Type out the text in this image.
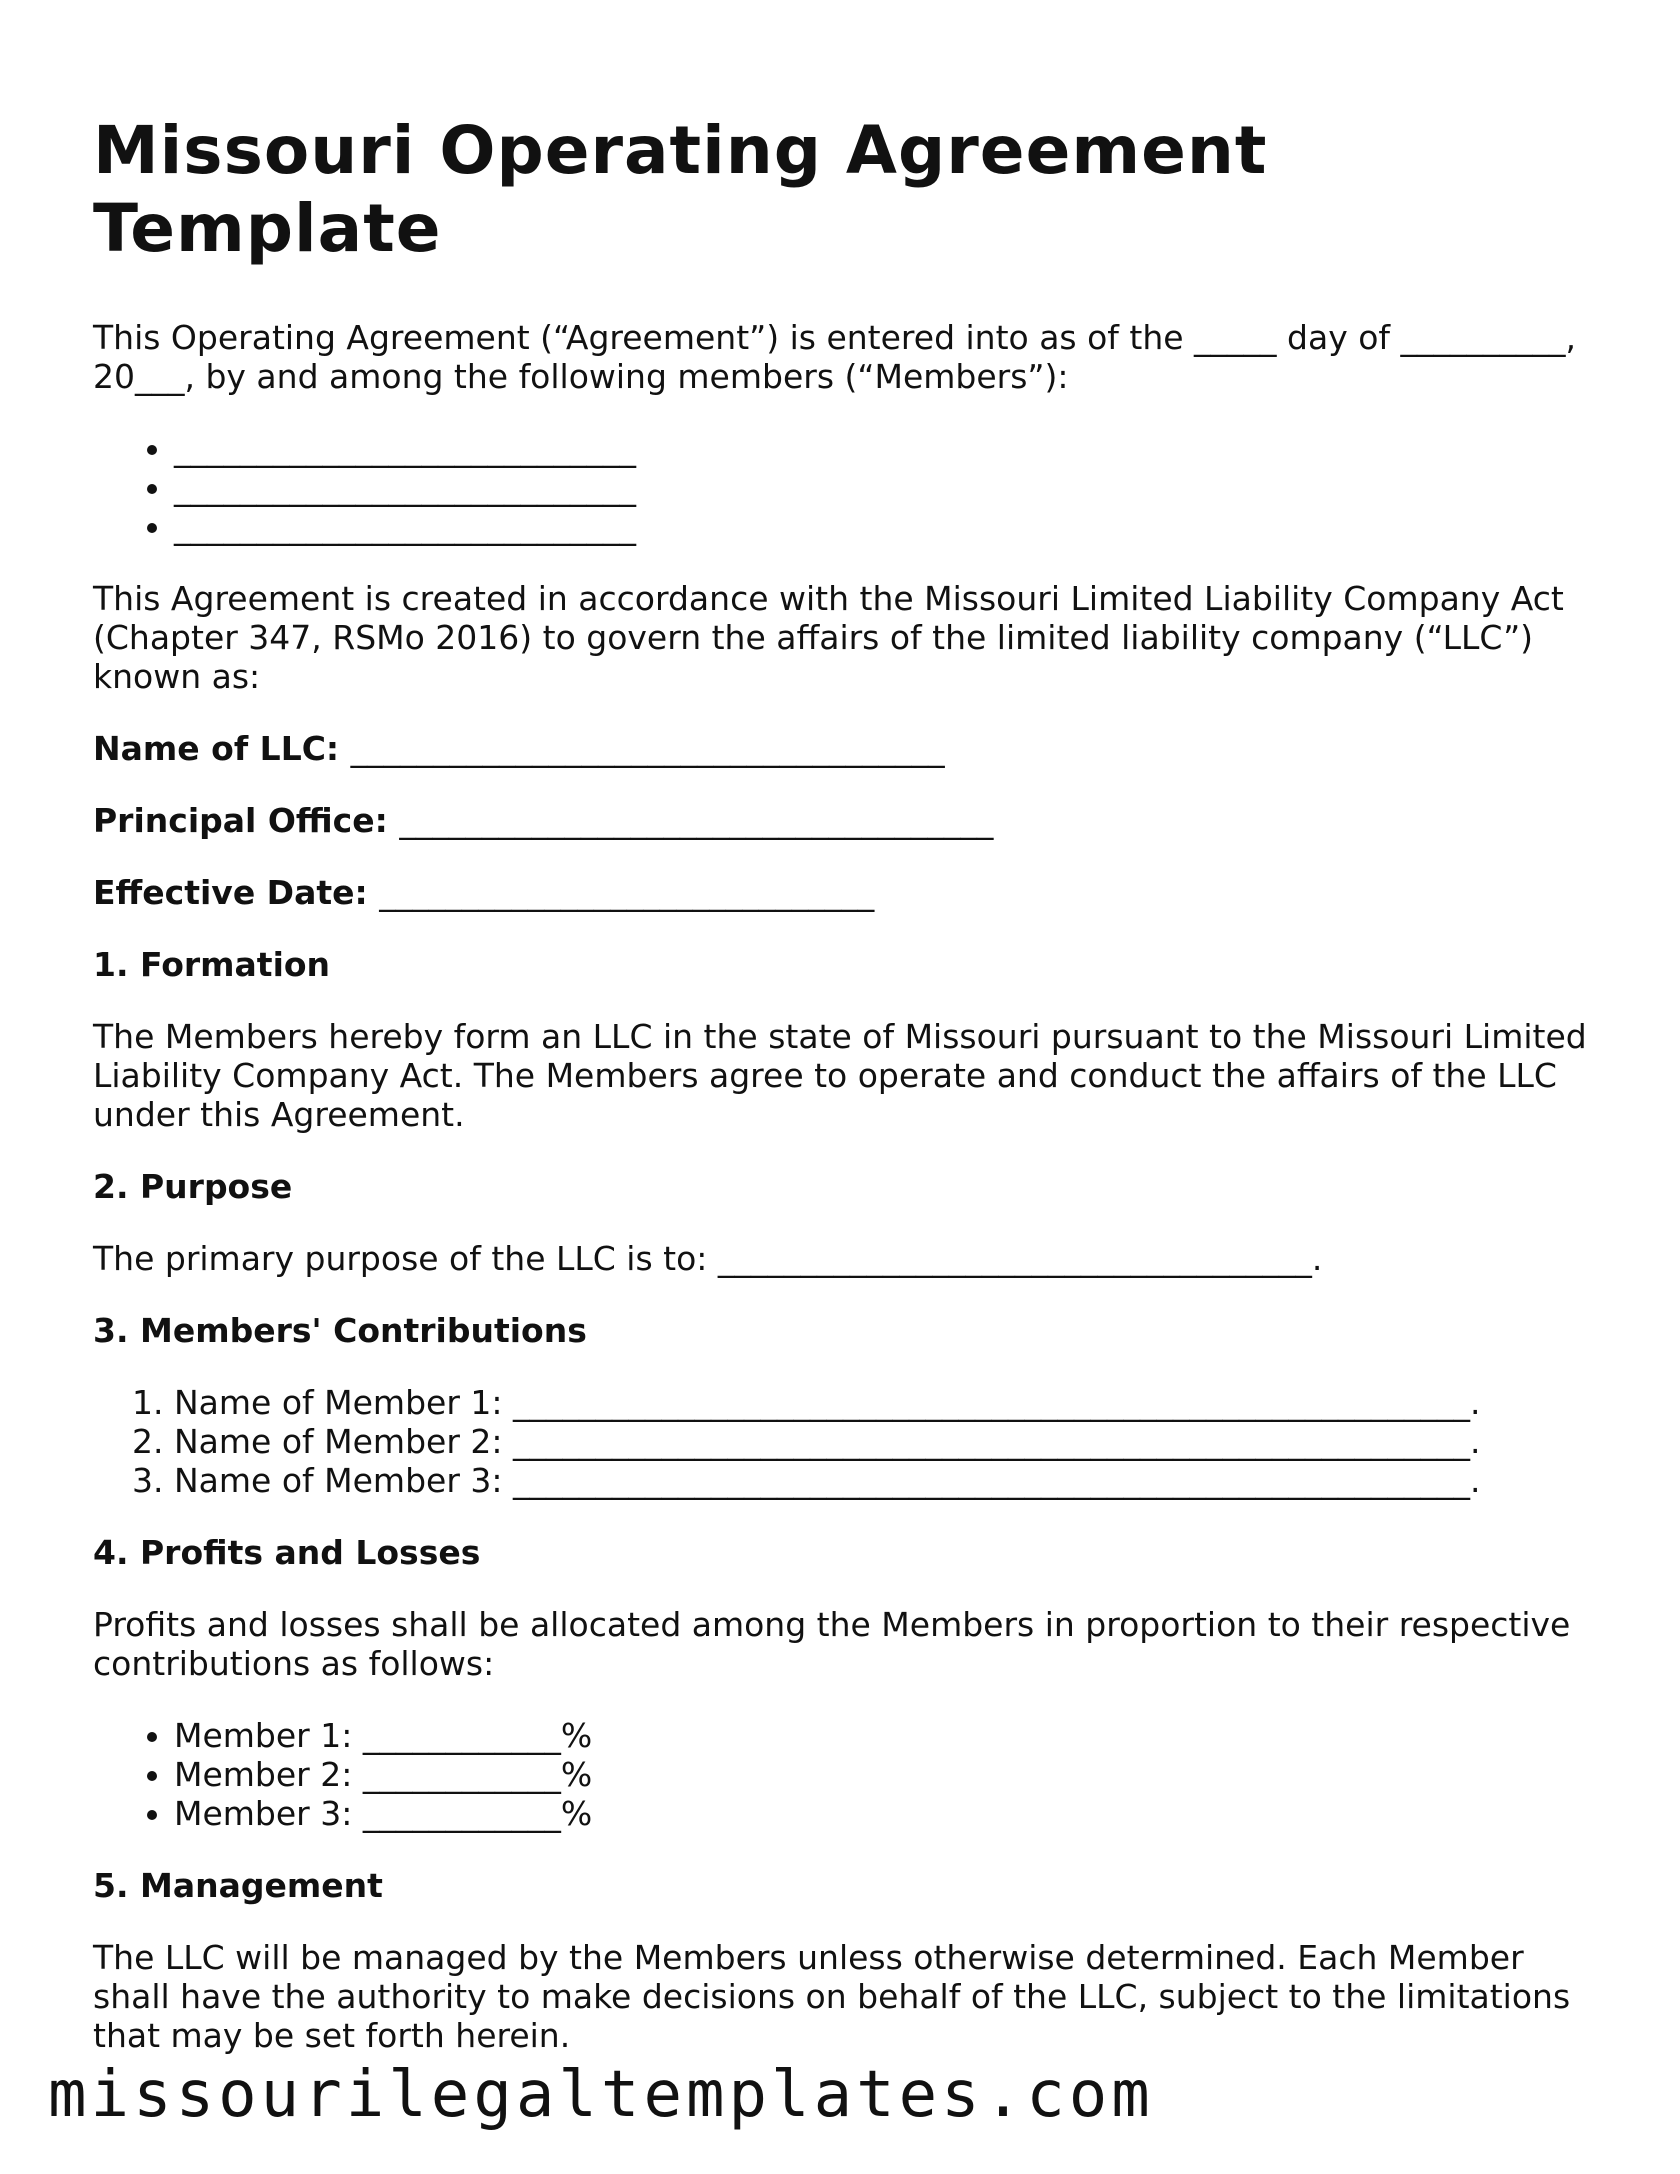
Missouri Operating Agreement Template

This Operating Agreement (“Agreement”) is entered into as of the _____ day of __________, 20___, by and among the following members (“Members”):

• ____________________________
• ____________________________
• ____________________________

This Agreement is created in accordance with the Missouri Limited Liability Company Act (Chapter 347, RSMo 2016) to govern the affairs of the limited liability company (“LLC”) known as:

Name of LLC: ____________________________________

Principal Office: ____________________________________

Effective Date: ______________________________

1. Formation

The Members hereby form an LLC in the state of Missouri pursuant to the Missouri Limited Liability Company Act. The Members agree to operate and conduct the affairs of the LLC under this Agreement.

2. Purpose

The primary purpose of the LLC is to: ____________________________________.

3. Members' Contributions
1. Name of Member 1: __________________________________________________________.
2. Name of Member 2: __________________________________________________________.
3. Name of Member 3: __________________________________________________________.
4. Profits and Losses

Profits and losses shall be allocated among the Members in proportion to their respective contributions as follows:

• Member 1: ____________%
• Member 2: ____________%
• Member 3: ____________%
5. Management

The LLC will be managed by the Members unless otherwise determined. Each Member shall have the authority to make decisions on behalf of the LLC, subject to the limitations that may be set forth herein.

missourilegaltemplates.com
